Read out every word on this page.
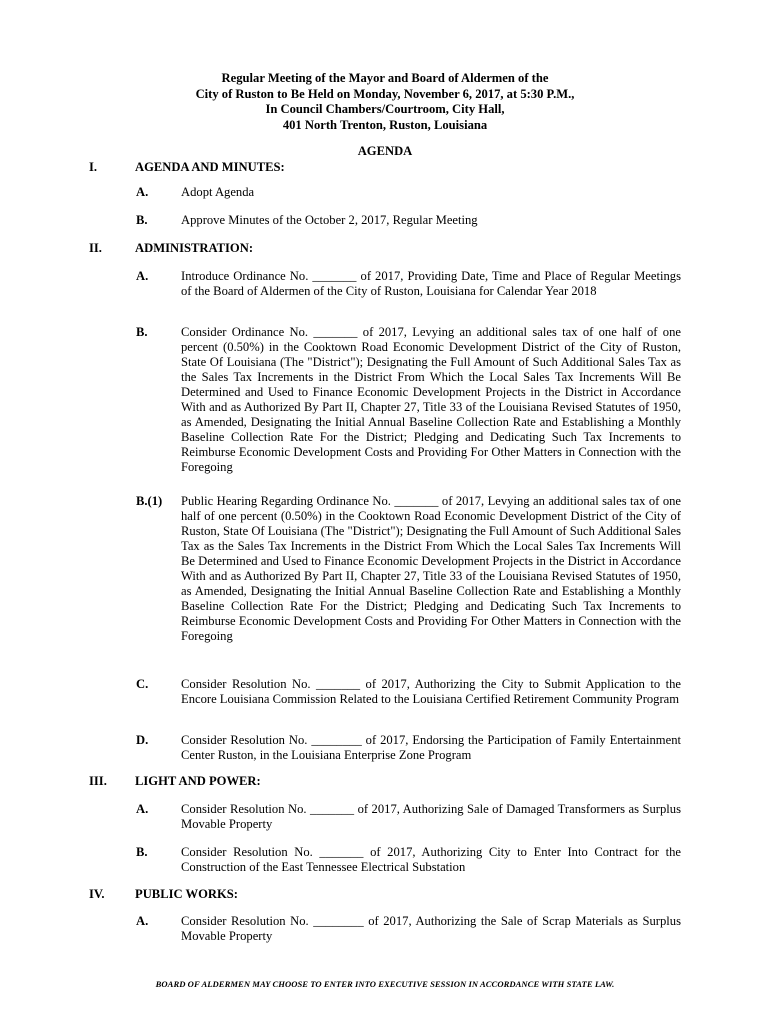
Regular Meeting of the Mayor and Board of Aldermen of the
City of Ruston to Be Held on Monday, November 6, 2017, at 5:30 P.M.,
In Council Chambers/Courtroom, City Hall,
401 North Trenton, Ruston, Louisiana
AGENDA
I.	AGENDA AND MINUTES:
A.	Adopt Agenda
B.	Approve Minutes of the October 2, 2017, Regular Meeting
II.	ADMINISTRATION:
A.	Introduce Ordinance No. _______ of 2017, Providing Date, Time and Place of Regular Meetings of the Board of Aldermen of the City of Ruston, Louisiana for Calendar Year 2018
B.	Consider Ordinance No. _______ of 2017, Levying an additional sales tax of one half of one percent (0.50%) in the Cooktown Road Economic Development District of the City of Ruston, State Of Louisiana (The "District"); Designating the Full Amount of Such Additional Sales Tax as the Sales Tax Increments in the District From Which the Local Sales Tax Increments Will Be Determined and Used to Finance Economic Development Projects in the District in Accordance With and as Authorized By Part II, Chapter 27, Title 33 of the Louisiana Revised Statutes of 1950, as Amended, Designating the Initial Annual Baseline Collection Rate and Establishing a Monthly Baseline Collection Rate For the District; Pledging and Dedicating Such Tax Increments to Reimburse Economic Development Costs and Providing For Other Matters in Connection with the Foregoing
B.(1) Public Hearing Regarding Ordinance No. _______ of 2017, Levying an additional sales tax of one half of one percent (0.50%) in the Cooktown Road Economic Development District of the City of Ruston, State Of Louisiana (The "District"); Designating the Full Amount of Such Additional Sales Tax as the Sales Tax Increments in the District From Which the Local Sales Tax Increments Will Be Determined and Used to Finance Economic Development Projects in the District in Accordance With and as Authorized By Part II, Chapter 27, Title 33 of the Louisiana Revised Statutes of 1950, as Amended, Designating the Initial Annual Baseline Collection Rate and Establishing a Monthly Baseline Collection Rate For the District; Pledging and Dedicating Such Tax Increments to Reimburse Economic Development Costs and Providing For Other Matters in Connection with the Foregoing
C.	Consider Resolution No. _______ of 2017, Authorizing the City to Submit Application to the Encore Louisiana Commission Related to the Louisiana Certified Retirement Community Program
D.	Consider Resolution No. ________ of 2017, Endorsing the Participation of Family Entertainment Center Ruston, in the Louisiana Enterprise Zone Program
III. LIGHT AND POWER:
A.	Consider Resolution No. _______ of 2017, Authorizing Sale of Damaged Transformers as Surplus Movable Property
B.	Consider Resolution No. _______ of 2017, Authorizing City to Enter Into Contract for the Construction of the East Tennessee Electrical Substation
IV. PUBLIC WORKS:
A.	Consider Resolution No. ________ of 2017, Authorizing the Sale of Scrap Materials as Surplus Movable Property
BOARD OF ALDERMEN MAY CHOOSE TO ENTER INTO EXECUTIVE SESSION IN ACCORDANCE WITH STATE LAW.
